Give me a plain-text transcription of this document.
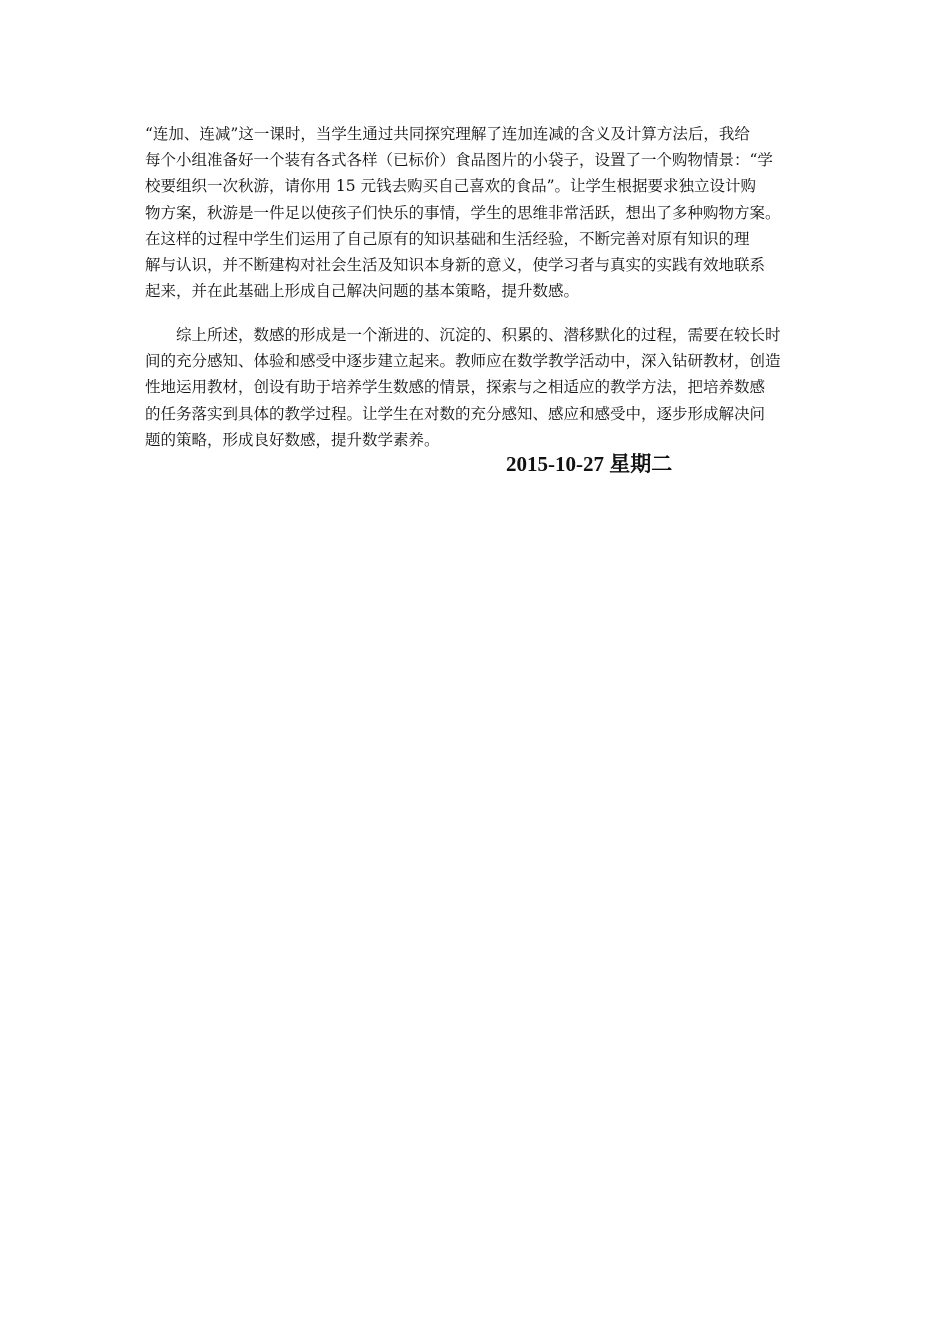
“连加、连减”这一课时，当学生通过共同探究理解了连加连减的含义及计算方法后，我给
每个小组准备好一个装有各式各样（已标价）食品图片的小袋子，设置了一个购物情景：“学
校要组织一次秋游，请你用 15 元钱去购买自己喜欢的食品”。让学生根据要求独立设计购
物方案，秋游是一件足以使孩子们快乐的事情，学生的思维非常活跃，想出了多种购物方案。
在这样的过程中学生们运用了自己原有的知识基础和生活经验，不断完善对原有知识的理
解与认识，并不断建构对社会生活及知识本身新的意义，使学习者与真实的实践有效地联系
起来，并在此基础上形成自己解决问题的基本策略，提升数感。
综上所述，数感的形成是一个渐进的、沉淀的、积累的、潜移默化的过程，需要在较长时
间的充分感知、体验和感受中逐步建立起来。教师应在数学教学活动中，深入钻研教材，创造
性地运用教材，创设有助于培养学生数感的情景，探索与之相适应的教学方法，把培养数感
的任务落实到具体的教学过程。让学生在对数的充分感知、感应和感受中，逐步形成解决问
题的策略，形成良好数感，提升数学素养。
2015-10-27 星期二
